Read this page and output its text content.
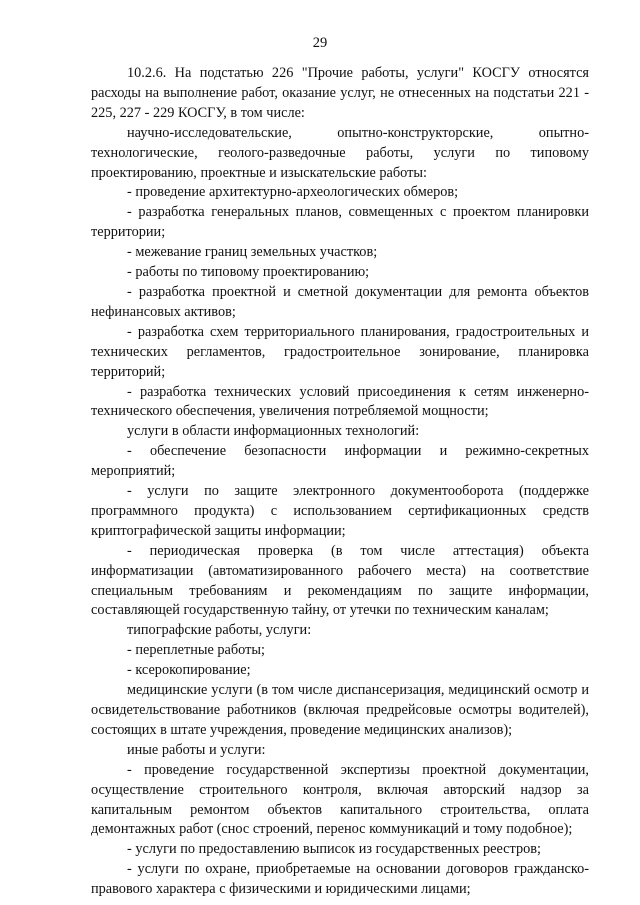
29

10.2.6. На подстатью 226 "Прочие работы, услуги" КОСГУ относятся расходы на выполнение работ, оказание услуг, не отнесенных на подстатьи 221 - 225, 227 - 229 КОСГУ, в том числе:

научно-исследовательские, опытно-конструкторские, опытно-технологические, геолого-разведочные работы, услуги по типовому проектированию, проектные и изыскательские работы:

- проведение архитектурно-археологических обмеров;

- разработка генеральных планов, совмещенных с проектом планировки территории;

- межевание границ земельных участков;

- работы по типовому проектированию;

- разработка проектной и сметной документации для ремонта объектов нефинансовых активов;

- разработка схем территориального планирования, градостроительных и технических регламентов, градостроительное зонирование, планировка территорий;

- разработка технических условий присоединения к сетям инженерно-технического обеспечения, увеличения потребляемой мощности;

услуги в области информационных технологий:

- обеспечение безопасности информации и режимно-секретных мероприятий;

- услуги по защите электронного документооборота (поддержке программного продукта) с использованием сертификационных средств криптографической защиты информации;

- периодическая проверка (в том числе аттестация) объекта информатизации (автоматизированного рабочего места) на соответствие специальным требованиям и рекомендациям по защите информации, составляющей государственную тайну, от утечки по техническим каналам;

типографские работы, услуги:

- переплетные работы;

- ксерокопирование;

медицинские услуги (в том числе диспансеризация, медицинский осмотр и освидетельствование работников (включая предрейсовые осмотры водителей), состоящих в штате учреждения, проведение медицинских анализов);

иные работы и услуги:

- проведение государственной экспертизы проектной документации, осуществление строительного контроля, включая авторский надзор за капитальным ремонтом объектов капитального строительства, оплата демонтажных работ (снос строений, перенос коммуникаций и тому подобное);

- услуги по предоставлению выписок из государственных реестров;

- услуги по охране, приобретаемые на основании договоров гражданско-правового характера с физическими и юридическими лицами;
